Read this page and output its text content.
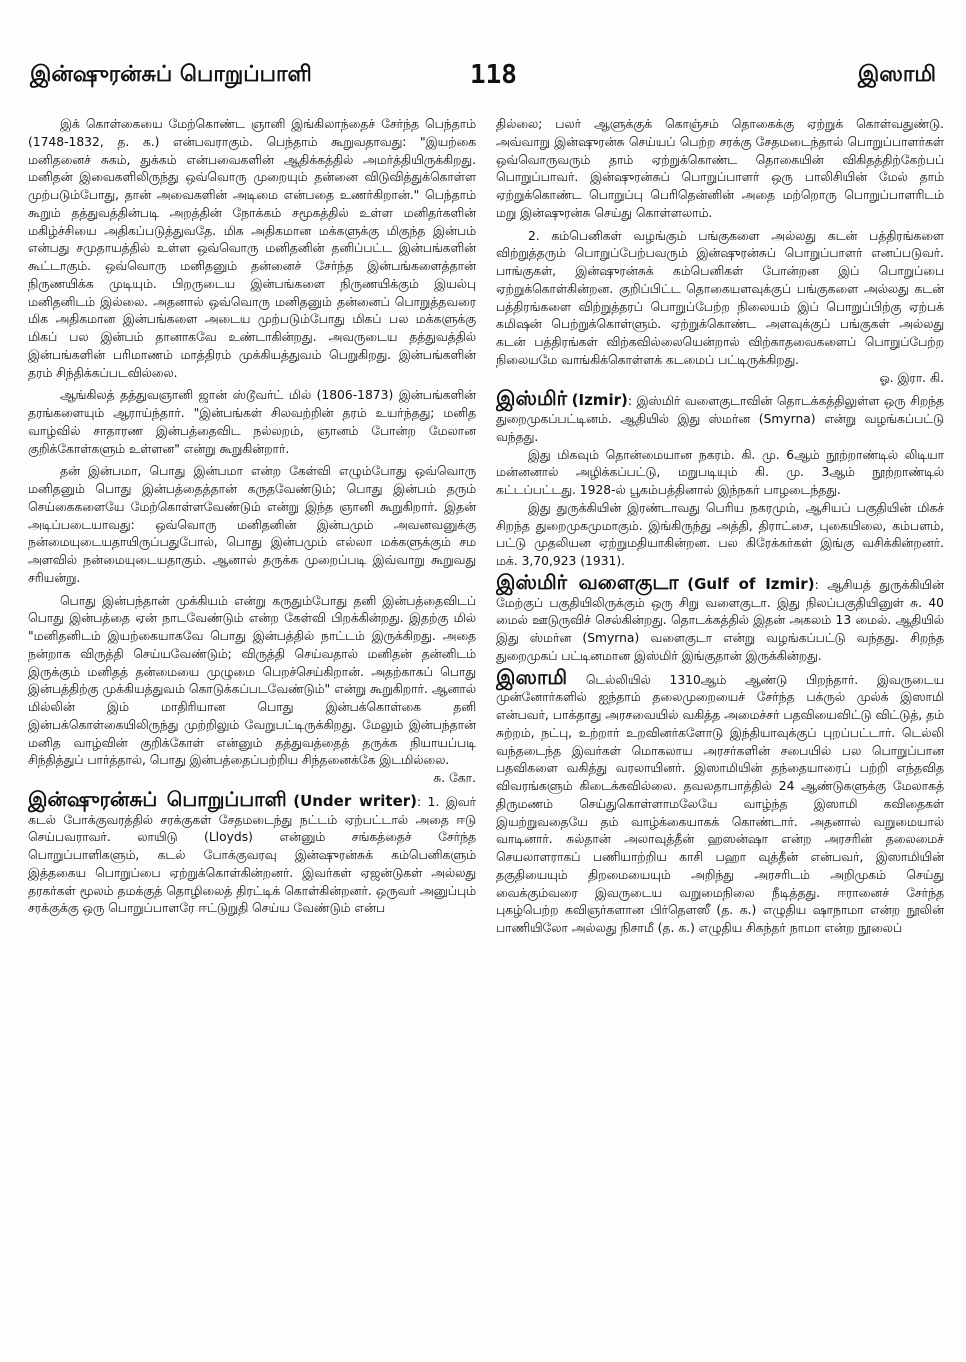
இன்ஷுரன்சுப் பொறுப்பாளி	118	இஸாமி

இக் கொள்கையை மேற்கொண்ட ஞானி இங்கிலாந்தைச் சேர்ந்த பெந்தாம் (1748-1832, த. க.) என்பவராகும். பெந்தாம் கூறுவதாவது: "இயற்கை மனிதனைச் சுகம், துக்கம் என்பவைகளின் ஆதிக்கத்தில் அமர்த்தியிருக்கிறது. மனிதன் இவைகளிலிருந்து ஒவ்வொரு முறையும் தன்னை விடுவித்துக்கொள்ள முற்படும்போது, தான் அவைகளின் அடிமை என்பதை உணர்கிறான்." பெந்தாம் கூறும் தத்துவத்தின்படி அறத்தின் நோக்கம் சமூகத்தில் உள்ள மனிதர்களின் மகிழ்ச்சியை அதிகப்படுத்துவதே. மிக அதிகமான மக்களுக்கு மிகுந்த இன்பம் என்பது சமுதாயத்தில் உள்ள ஒவ்வொரு மனிதனின் தனிப்பட்ட இன்பங்களின் கூட்டாகும். ஒவ்வொரு மனிதனும் தன்னைச் சேர்ந்த இன்பங்களைத்தான் நிருணயிக்க முடியும். பிறருடைய இன்பங்களை நிருணயிக்கும் இயல்பு மனிதனிடம் இல்லை. அதனால் ஒவ்வொரு மனிதனும் தன்னைப் பொறுத்தவரை மிக அதிகமான இன்பங்களை அடைய முற்படும்போது மிகப் பல மக்களுக்கு மிகப் பல இன்பம் தானாகவே உண்டாகின்றது. அவருடைய தத்துவத்தில் இன்பங்களின் பரிமாணம் மாத்திரம் முக்கியத்துவம் பெறுகிறது. இன்பங்களின் தரம் சிந்திக்கப்படவில்லை.

ஆங்கிலத் தத்துவஞானி ஜான் ஸ்டூவர்ட் மில் (1806-1873) இன்பங்களின் தரங்களையும் ஆராய்ந்தார். "இன்பங்கள் சிலவற்றின் தரம் உயர்ந்தது; மனித வாழ்வில் சாதாரண இன்பத்தைவிட நல்லறம், ஞானம் போன்ற மேலான குறிக்கோள்களும் உள்ளன" என்று கூறுகின்றார்.

தன் இன்பமா, பொது இன்பமா என்ற கேள்வி எழும்போது ஒவ்வொரு மனிதனும் பொது இன்பத்தைத்தான் கருதவேண்டும்; பொது இன்பம் தரும் செய்கைகளையே மேற்கொள்ளவேண்டும் என்று இந்த ஞானி கூறுகிறார். இதன் அடிப்படையாவது: ஒவ்வொரு மனிதனின் இன்பமும் அவனவனுக்கு நன்மையுடையதாயிருப்பதுபோல், பொது இன்பமும் எல்லா மக்களுக்கும் சம அளவில் நன்மையுடையதாகும். ஆனால் தருக்க முறைப்படி இவ்வாறு கூறுவது சரியன்று.

பொது இன்பந்தான் முக்கியம் என்று கருதும்போது தனி இன்பத்தைவிடப் பொது இன்பத்தை ஏன் நாடவேண்டும் என்ற கேள்வி பிறக்கின்றது. இதற்கு மில் "மனிதனிடம் இயற்கையாகவே பொது இன்பத்தில் நாட்டம் இருக்கிறது. அதை நன்றாக விருத்தி செய்யவேண்டும்; விருத்தி செய்வதால் மனிதன் தன்னிடம் இருக்கும் மனிதத் தன்மையை முழுமை பெறச்செய்கிறான். அதற்காகப் பொது இன்பத்திற்கு முக்கியத்துவம் கொடுக்கப்படவேண்டும்" என்று கூறுகிறார். ஆனால் மில்லின் இம் மாதிரியான பொது இன்பக்கொள்கை தனி இன்பக்கொள்கையிலிருந்து முற்றிலும் வேறுபட்டிருக்கிறது. மேலும் இன்பந்தான் மனித வாழ்வின் குறிக்கோள் என்னும் தத்துவத்தைத் தருக்க நியாயப்படி சிந்தித்துப் பார்த்தால், பொது இன்பத்தைப்பற்றிய சிந்தனைக்கே இடமில்லை.

சு. கோ.

இன்ஷுரன்சுப் பொறுப்பாளி (Under writer): 1. இவர் கடல் போக்குவரத்தில் சரக்குகள் சேதமடைந்து நட்டம் ஏற்பட்டால் அதை ஈடு செய்பவராவர். லாயிடு (Lloyds) என்னும் சங்கத்தைச் சேர்ந்த பொறுப்பாளிகளும், கடல் போக்குவரவு இன்ஷுரன்சுக் கம்பெனிகளும் இத்தகைய பொறுப்பை ஏற்றுக்கொள்கின்றனர். இவர்கள் ஏஜன்டுகள் அல்லது தரகர்கள் மூலம் தமக்குத் தொழிலைத் திரட்டிக் கொள்கின்றனர். ஒருவர் அனுப்பும் சரக்குக்கு ஒரு பொறுப்பாளரே ஈட்டுறுதி செய்ய வேண்டும் என்ப

தில்லை; பலர் ஆளுக்குக் கொஞ்சம் தொகைக்கு ஏற்றுக் கொள்வதுண்டு. அவ்வாறு இன்ஷுரன்சு செய்யப் பெற்ற சரக்கு சேதமடைந்தால் பொறுப்பாளர்கள் ஒவ்வொருவரும் தாம் ஏற்றுக்கொண்ட தொகையின் விகிதத்திற்கேற்பப் பொறுப்பாவர். இன்ஷுரன்சுப் பொறுப்பாளர் ஒரு பாலிசியின் மேல் தாம் ஏற்றுக்கொண்ட பொறுப்பு பெரிதென்னின் அதை மற்றொரு பொறுப்பாளரிடம் மறு இன்ஷுரன்சு செய்து கொள்ளலாம்.

2. கம்பெனிகள் வழங்கும் பங்குகளை அல்லது கடன் பத்திரங்களை விற்றுத்தரும் பொறுப்பேற்பவரும் இன்ஷுரன்சுப் பொறுப்பாளர் எனப்படுவர். பாங்குகள், இன்ஷுரன்சுக் கம்பெனிகள் போன்றன இப் பொறுப்பை ஏற்றுக்கொள்கின்றன. குறிப்பிட்ட தொகையளவுக்குப் பங்குகளை அல்லது கடன் பத்திரங்களை விற்றுத்தரப் பொறுப்பேற்ற நிலையம் இப் பொறுப்பிற்கு ஏற்பக் கமிஷன் பெற்றுக்கொள்ளும். ஏற்றுக்கொண்ட அளவுக்குப் பங்குகள் அல்லது கடன் பத்திரங்கள் விற்கவில்லையென்றால் விற்காதவைகளைப் பொறுப்பேற்ற நிலையமே வாங்கிக்கொள்ளக் கடமைப் பட்டிருக்கிறது.

ஓ. இரா. கி.

இஸ்மிர் (Izmir): இஸ்மிர் வளைகுடாவின் தொடக்கத்திலுள்ள ஒரு சிறந்த துறைமுகப்பட்டினம். ஆதியில் இது ஸ்மர்ன (Smyrna) என்று வழங்கப்பட்டு வந்தது.

இது மிகவும் தொன்மையான நகரம். கி. மு. 6ஆம் நூற்றாண்டில் லிடியா மன்னனால் அழிக்கப்பட்டு, மறுபடியும் கி. மு. 3ஆம் நூற்றாண்டில் கட்டப்பட்டது. 1928-ல் பூகம்பத்தினால் இந்நகர் பாழடைந்தது.

இது துருக்கியின் இரண்டாவது பெரிய நகரமும், ஆசியப் பகுதியின் மிகச் சிறந்த துறைமுகமுமாகும். இங்கிருந்து அத்தி, திராட்சை, புகையிலை, கம்பளம், பட்டு முதலியன ஏற்றுமதியாகின்றன. பல கிரேக்கர்கள் இங்கு வசிக்கின்றனர். மக். 3,70,923 (1931).

இஸ்மிர் வளைகுடா (Gulf of Izmir): ஆசியத் துருக்கியின் மேற்குப் பகுதியிலிருக்கும் ஒரு சிறு வளைகுடா. இது நிலப்பகுதியினுள் சு. 40 மைல் ஊடுருவிச் செல்கின்றது. தொடக்கத்தில் இதன் அகலம் 13 மைல். ஆதியில் இது ஸ்மர்ன (Smyrna) வளைகுடா என்று வழங்கப்பட்டு வந்தது. சிறந்த துறைமுகப் பட்டினமான இஸ்மிர் இங்குதான் இருக்கின்றது.

இஸாமி டெல்லியில் 1310ஆம் ஆண்டு பிறந்தார். இவருடைய முன்னோர்களில் ஐந்தாம் தலைமுறையைச் சேர்ந்த பக்ருல் முல்க் இஸாமி என்பவர், பாக்தாது அரசவையில் வகித்த அமைச்சர் பதவியைவிட்டு விட்டுத், தம் சுற்றம், நட்பு, உற்றார் உறவினர்களோடு இந்தியாவுக்குப் புறப்பட்டார். டெல்லி வந்தடைந்த இவர்கள் மொகலாய அரசர்களின் சபையில் பல பொறுப்பான பதவிகளை வகித்து வரலாயினர். இஸாமியின் தந்தையாரைப் பற்றி எந்தவித விவரங்களும் கிடைக்கவில்லை. தவலதாபாத்தில் 24 ஆண்டுகளுக்கு மேலாகத் திருமணம் செய்துகொள்ளாமலேயே வாழ்ந்த இஸாமி கவிதைகள் இயற்றுவதையே தம் வாழ்க்கையாகக் கொண்டார். அதனால் வறுமையால் வாடினார். சுல்தான் அலாவுத்தீன் ஹஸன்ஷா என்ற அரசரின் தலைமைச் செயலாளராகப் பணியாற்றிய காசி பஹா வுத்தீன் என்பவர், இஸாமியின் தகுதியையும் திறமையையும் அறிந்து அரசரிடம் அறிமுகம் செய்து வைக்கும்வரை இவருடைய வறுமைநிலை நீடித்தது. ஈரானைச் சேர்ந்த புகழ்பெற்ற கவிஞர்களான பிர்தௌஸீ (த. க.) எழுதிய ஷாநாமா என்ற நூலின் பாணியிலோ அல்லது நிசாமீ (த. க.) எழுதிய சிகந்தர் நாமா என்ற நூலைப்
